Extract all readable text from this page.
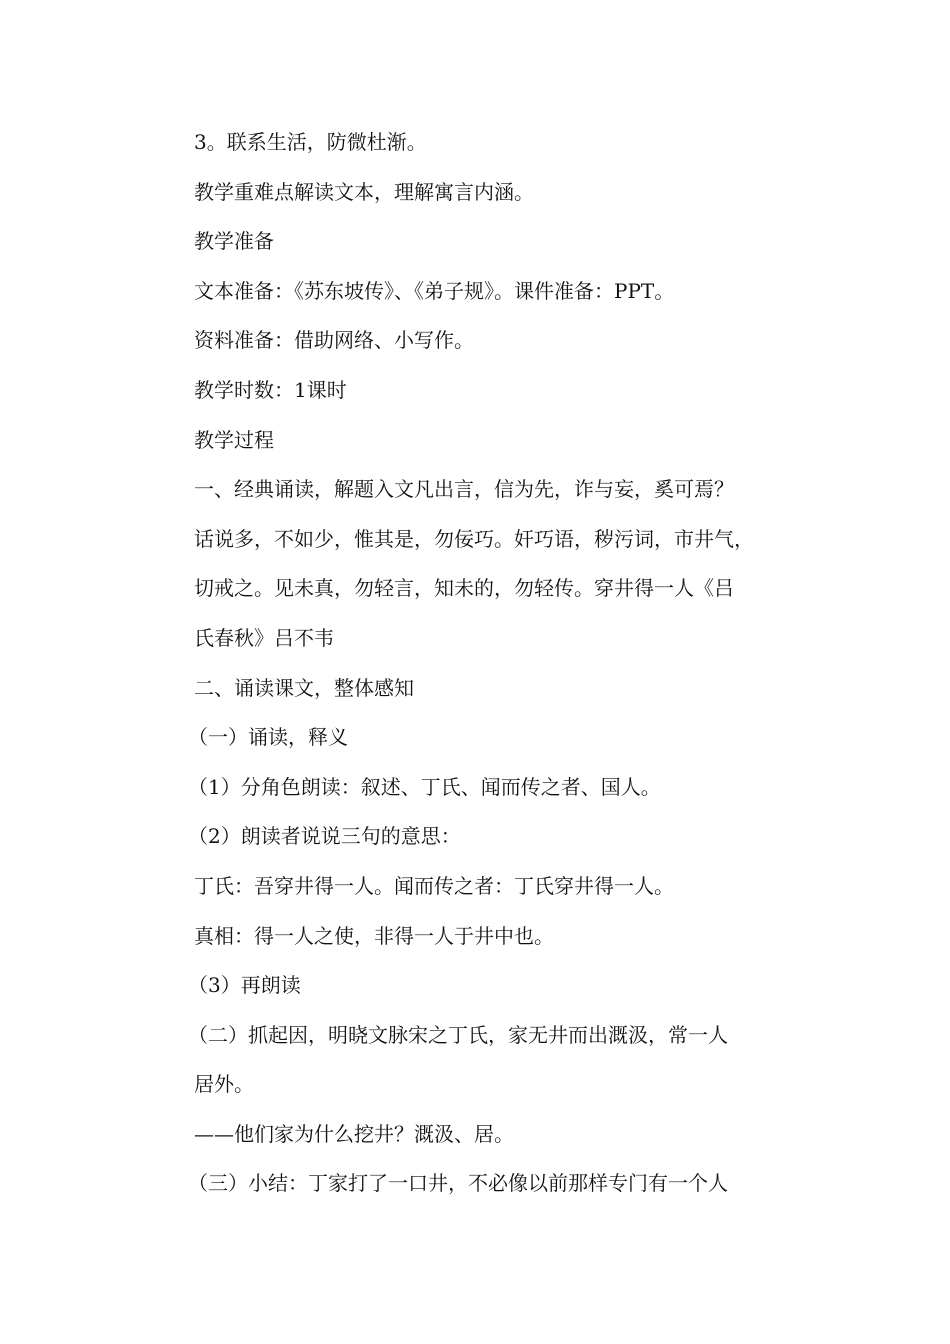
3。联系生活，防微杜渐。
教学重难点解读文本，理解寓言内涵。
教学准备
文本准备：《苏东坡传》、《弟子规》。课件准备：PPT。
资料准备：借助网络、小写作。
教学时数：1课时
教学过程
一、经典诵读，解题入文凡出言，信为先，诈与妄，奚可焉？
话说多，不如少，惟其是，勿佞巧。奸巧语，秽污词，市井气，
切戒之。见未真，勿轻言，知未的，勿轻传。穿井得一人《吕
氏春秋》吕不韦
二、诵读课文，整体感知
（一）诵读，释义
（1）分角色朗读：叙述、丁氏、闻而传之者、国人。
（2）朗读者说说三句的意思：
丁氏：吾穿井得一人。闻而传之者：丁氏穿井得一人。
真相：得一人之使，非得一人于井中也。
（3）再朗读
（二）抓起因，明晓文脉宋之丁氏，家无井而出溉汲，常一人
居外。
——他们家为什么挖井？溉汲、居。
（三）小结：丁家打了一口井，不必像以前那样专门有一个人
